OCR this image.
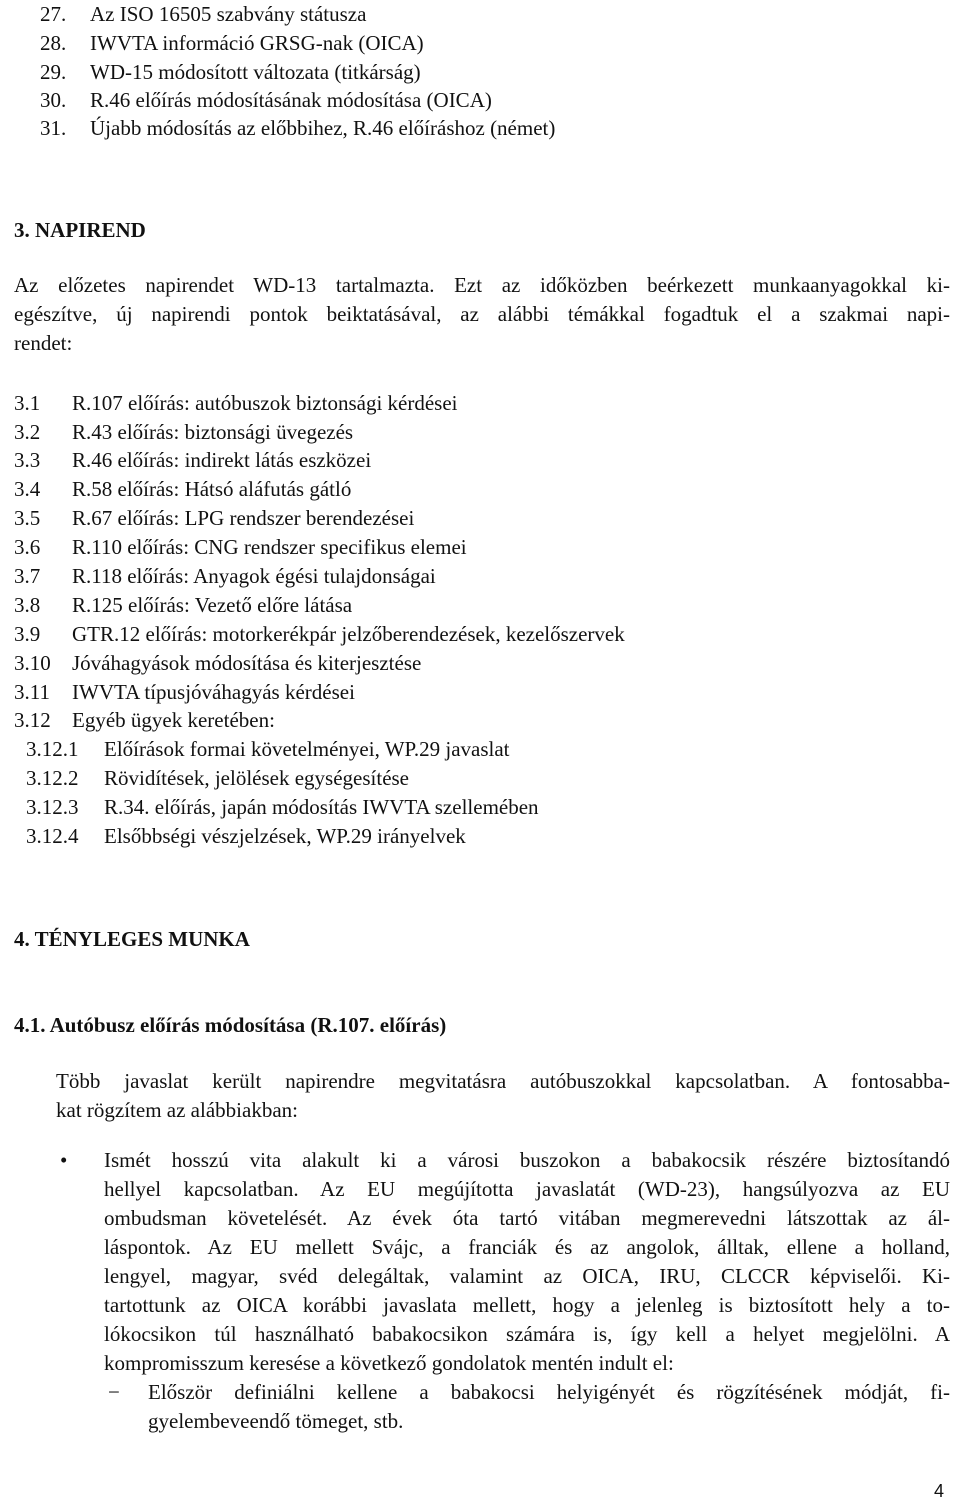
27. Az ISO 16505 szabvány státusza
28. IWVTA információ GRSG-nak (OICA)
29. WD-15 módosított változata (titkárság)
30. R.46 előírás módosításának módosítása (OICA)
31. Újabb módosítás az előbbihez, R.46 előíráshoz (német)
3. NAPIREND
Az előzetes napirendet WD-13 tartalmazta. Ezt az időközben beérkezett munkaanyagokkal ki-
egészítve, új napirendi pontok beiktatásával, az alábbi témákkal fogadtuk el a szakmai napi-
rendet:
3.1 R.107 előírás: autóbuszok biztonsági kérdései
3.2 R.43 előírás: biztonsági üvegezés
3.3 R.46 előírás: indirekt látás eszközei
3.4 R.58 előírás: Hátsó aláfutás gátló
3.5 R.67 előírás: LPG rendszer berendezései
3.6 R.110 előírás: CNG rendszer specifikus elemei
3.7 R.118 előírás: Anyagok égési tulajdonságai
3.8 R.125 előírás: Vezető előre látása
3.9 GTR.12 előírás: motorkerékpár jelzőberendezések, kezelőszervek
3.10 Jóváhagyások módosítása és kiterjesztése
3.11 IWVTA típusjóváhagyás kérdései
3.12 Egyéb ügyek keretében:
3.12.1 Előírások formai követelményei, WP.29 javaslat
3.12.2 Rövidítések, jelölések egységesítése
3.12.3 R.34. előírás, japán módosítás IWVTA szellemében
3.12.4 Elsőbbségi vészjelzések, WP.29 irányelvek
4. TÉNYLEGES MUNKA
4.1. Autóbusz előírás módosítása (R.107. előírás)
Több javaslat került napirendre megvitatásra autóbuszokkal kapcsolatban. A fontosabba-
kat rögzítem az alábbiakban:
• Ismét hosszú vita alakult ki a városi buszokon a babakocsik részére biztosítandó
hellyel kapcsolatban. Az EU megújította javaslatát (WD-23), hangsúlyozva az EU
ombudsman követelését. Az évek óta tartó vitában megmerevedni látszottak az ál-
láspontok. Az EU mellett Svájc, a franciák és az angolok, álltak, ellene a holland,
lengyel, magyar, svéd delegáltak, valamint az OICA, IRU, CLCCR képviselői. Ki-
tartottunk az OICA korábbi javaslata mellett, hogy a jelenleg is biztosított hely a to-
lókocsikon túl használható babakocsikon számára is, így kell a helyet megjelölni. A
kompromisszum keresése a következő gondolatok mentén indult el:
− Először definiálni kellene a babakocsi helyigényét és rögzítésének módját, fi-
gyelembeveendő tömeget, stb.
4
